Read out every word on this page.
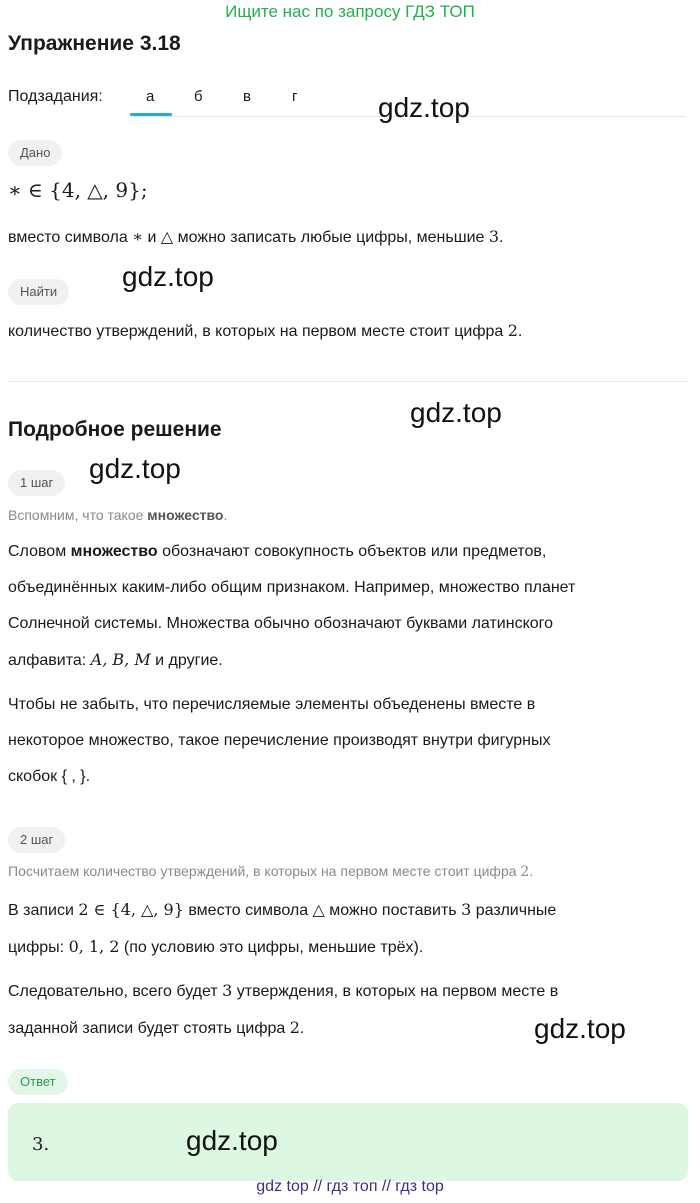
Ищите нас по запросу ГДЗ ТОП
Упражнение 3.18
Подзадания:	а	б	в	г	gdz.top
Дано
∗ ∈ {4, △, 9};
вместо символа ∗ и △ можно записать любые цифры, меньшие 3.
gdz.top
Найти
количество утверждений, в которых на первом месте стоит цифра 2.
gdz.top
Подробное решение
gdz.top
1 шаг
Вспомним, что такое множество.
Словом множество обозначают совокупность объектов или предметов,
объединённых каким-либо общим признаком. Например, множество планет
Солнечной системы. Множества обычно обозначают буквами латинского
алфавита: A, B, M и другие.
Чтобы не забыть, что перечисляемые элементы объеденены вместе в
некоторое множество, такое перечисление производят внутри фигурных
скобок { , }.
2 шаг
Посчитаем количество утверждений, в которых на первом месте стоит цифра 2.
В записи 2 ∈ {4, △, 9} вместо символа △ можно поставить 3 различные
цифры: 0, 1, 2 (по условию это цифры, меньшие трёх).
Следовательно, всего будет 3 утверждения, в которых на первом месте в
заданной записи будет стоять цифра 2.	gdz.top
Ответ
3.	gdz.top
gdz top // гдз топ // гдз top
